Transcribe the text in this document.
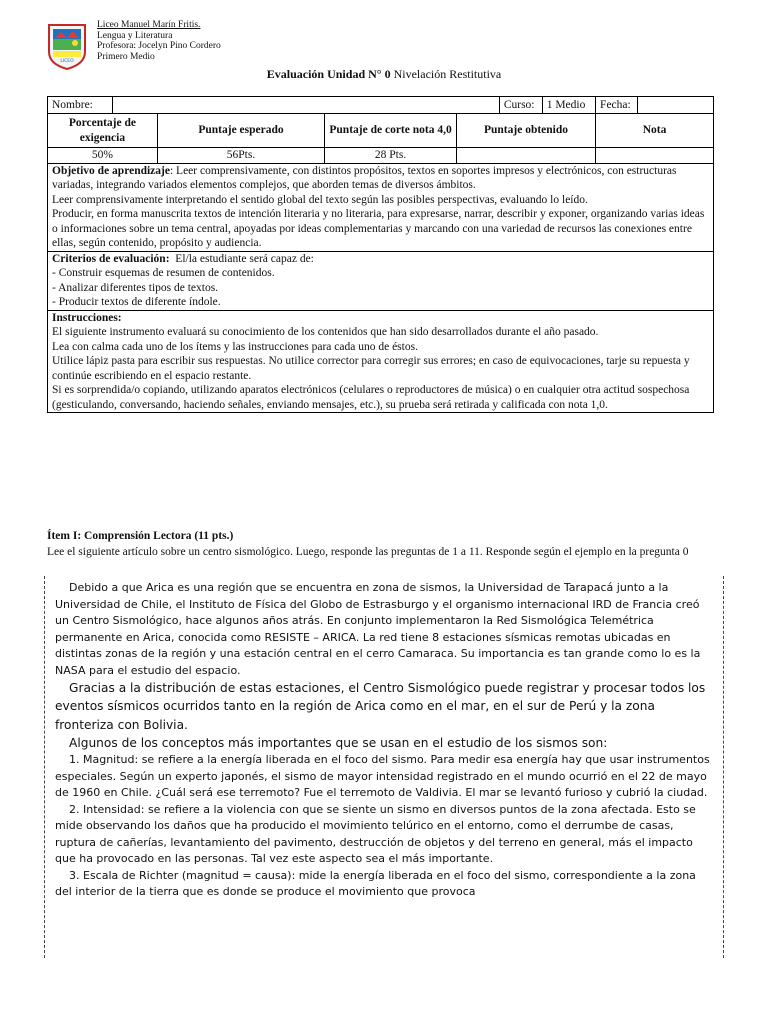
LICEO
Liceo Manuel Marín Fritis.
Lengua y Literatura
Profesora: Jocelyn Pino Cordero
Primero Medio
Evaluación Unidad N° 0 Nivelación Restitutiva
Nombre:					Curso:	1 Medio	Fecha:	
Porcentaje de exigencia		Puntaje esperado	Puntaje de corte nota 4,0	Puntaje obtenido			Nota	
50%		56Pts.	28 Pts.					

Objetivo de aprendizaje: Leer comprensivamente, con distintos propósitos, textos en soportes impresos y electrónicos, con estructuras variadas, integrando variados elementos complejos, que aborden temas de diversos ámbitos.

Leer comprensivamente interpretando el sentido global del texto según las posibles perspectivas, evaluando lo leído.

Producir, en forma manuscrita textos de intención literaria y no literaria, para expresarse, narrar, describir y exponer, organizando varias ideas o informaciones sobre un tema central, apoyadas por ideas complementarias y marcando con una variedad de recursos las conexiones entre ellas, según contenido, propósito y audiencia.								

Criterios de evaluación:  El/la estudiante será capaz de:

- Construir esquemas de resumen de contenidos.

- Analizar diferentes tipos de textos.

- Producir textos de diferente índole.								

Instrucciones:

El siguiente instrumento evaluará su conocimiento de los contenidos que han sido desarrollados durante el año pasado.

Lea con calma cada uno de los ítems y las instrucciones para cada uno de éstos.

Utilice lápiz pasta para escribir sus respuestas. No utilice corrector para corregir sus errores; en caso de equivocaciones, tarje su repuesta y continúe escribiendo en el espacio restante.

Si es sorprendida/o copiando, utilizando aparatos electrónicos (celulares o reproductores de música) o en cualquier otra actitud sospechosa (gesticulando, conversando, haciendo señales, enviando mensajes, etc.), su prueba será retirada y calificada con nota 1,0.								

Ítem I: Comprensión Lectora (11 pts.)
Lee el siguiente artículo sobre un centro sismológico. Luego, responde las preguntas de 1 a 11. Responde según el ejemplo en la pregunta 0

Debido a que Arica es una región que se encuentra en zona de sismos, la Universidad de Tarapacá junto a la Universidad de Chile, el Instituto de Física del Globo de Estrasburgo y el organismo internacional IRD de Francia creó un Centro Sismológico, hace algunos años atrás. En conjunto implementaron la Red Sismológica Telemétrica permanente en Arica, conocida como RESISTE – ARICA. La red tiene 8 estaciones sísmicas remotas ubicadas en distintas zonas de la región y una estación central en el cerro Camaraca. Su importancia es tan grande como lo es la NASA para el estudio del espacio.

Gracias a la distribución de estas estaciones, el Centro Sismológico puede registrar y procesar todos los eventos sísmicos ocurridos tanto en la región de Arica como en el mar, en el sur de Perú y la zona fronteriza con Bolivia.

Algunos de los conceptos más importantes que se usan en el estudio de los sismos son:

1. Magnitud: se refiere a la energía liberada en el foco del sismo. Para medir esa energía hay que usar instrumentos especiales. Según un experto japonés, el sismo de mayor intensidad registrado en el mundo ocurrió en el 22 de mayo de 1960 en Chile. ¿Cuál será ese terremoto? Fue el terremoto de Valdivia. El mar se levantó furioso y cubrió la ciudad.

2. Intensidad: se refiere a la violencia con que se siente un sismo en diversos puntos de la zona afectada. Esto se mide observando los daños que ha producido el movimiento telúrico en el entorno, como el derrumbe de casas, ruptura de cañerías, levantamiento del pavimento, destrucción de objetos y del terreno en general, más el impacto que ha provocado en las personas. Tal vez este aspecto sea el más importante.

3. Escala de Richter (magnitud = causa): mide la energía liberada en el foco del sismo, correspondiente a la zona del interior de la tierra que es donde se produce el movimiento que provoca
